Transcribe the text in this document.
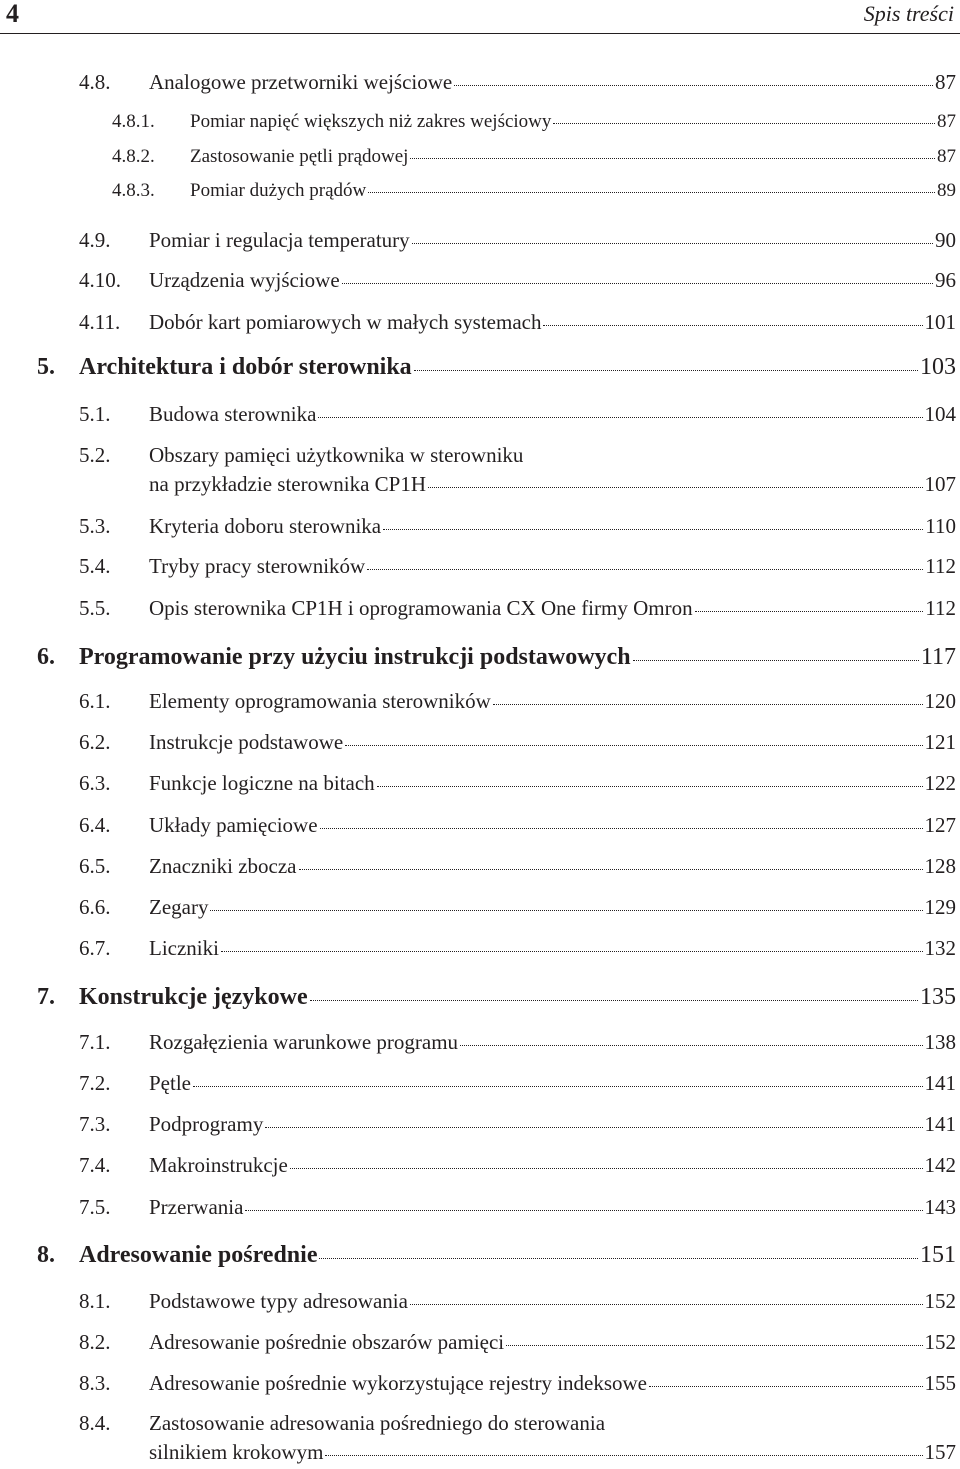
4	Spis treści
4.8.	Analogowe przetworniki wejściowe	87
4.8.1.	Pomiar napięć większych niż zakres wejściowy	87
4.8.2.	Zastosowanie pętli prądowej	87
4.8.3.	Pomiar dużych prądów	89
4.9.	Pomiar i regulacja temperatury	90
4.10.	Urządzenia wyjściowe	96
4.11.	Dobór kart pomiarowych w małych systemach	101
5.	Architektura i dobór sterownika	103
5.1.	Budowa sterownika	104
5.2.	Obszary pamięci użytkownika w sterowniku
na przykładzie sterownika CP1H	107
5.3.	Kryteria doboru sterownika	110
5.4.	Tryby pracy sterowników	112
5.5.	Opis sterownika CP1H i oprogramowania CX One firmy Omron	112
6.	Programowanie przy użyciu instrukcji podstawowych	117
6.1.	Elementy oprogramowania sterowników	120
6.2.	Instrukcje podstawowe	121
6.3.	Funkcje logiczne na bitach	122
6.4.	Układy pamięciowe	127
6.5.	Znaczniki zbocza	128
6.6.	Zegary	129
6.7.	Liczniki	132
7.	Konstrukcje językowe	135
7.1.	Rozgałęzienia warunkowe programu	138
7.2.	Pętle	141
7.3.	Podprogramy	141
7.4.	Makroinstrukcje	142
7.5.	Przerwania	143
8.	Adresowanie pośrednie	151
8.1.	Podstawowe typy adresowania	152
8.2.	Adresowanie pośrednie obszarów pamięci	152
8.3.	Adresowanie pośrednie wykorzystujące rejestry indeksowe	155
8.4.	Zastosowanie adresowania pośredniego do sterowania
silnikiem krokowym	157
